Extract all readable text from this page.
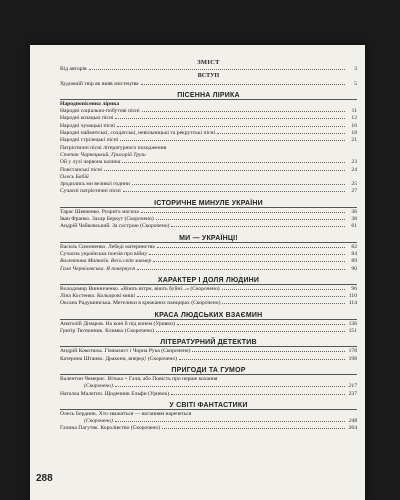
ЗМІСТ
Від авторів	3
ВСТУП
Художній твір як вияв мистецтва	5
ПІСЕННА ЛІРИКА
Народнопісенна лірика
Народні соціально-побутові пісні	11
Народні козацькі пісні	12
Народні чумацькі пісні	16
Народні наймитські, солдатські, невільницькі та рекрутські пісні	18
Народні стрілецькі пісні	21
Патріотичні пісні літературного походження
Степан Чарнецький, Григорій Труш
Ой у лузі червона калина	23
Повстанські пісні	24
Олесь Бабій
Зродились ми великої години	25
Сучасні патріотичні пісні	27
ІСТОРИЧНЕ МИНУЛЕ УКРАЇНИ
Тарас Шевченко. Розрита могила	36
Іван Франко. Захар Беркут (Скорочено)	38
Андрій Чайковський. За сестрою (Скорочено)	61
МИ — УКРАЇНЦІ!
Василь Симоненко. Лебеді материнства	82
Сучасна українська поезія про війну	84
Валентина Матвєїв. Весь світ завмер	89
Галя Чернілевська. Я повернуся	90
ХАРАКТЕР І ДОЛЯ ЛЮДИНИ
Володимир Винниченко. «Віють вітри, віють буйні...» (Скорочено)	96
Ліна Костенко. Кольорові миші	110
Оксана Радушинська. Метелики в крижаних панцирах (Скорочено)	114
КРАСА ЛЮДСЬКИХ ВЗАЄМИН
Анатолій Дімаров. На коні й під конем (Уривки)	136
Григір Тютюнник. Климко (Скорочено)	151
ЛІТЕРАТУРНИЙ ДЕТЕКТИВ
Андрій Кокотюха. Гімназист і Чорна Рука (Скорочено)	178
Катерина Штанко. Дракони, вперед! (Скорочено)	198
ПРИГОДИ ТА ГУМОР
Валентин Чемерис. Вітька + Галя, або Повість про перше кохання
(Скорочено)	217
Наталка Малетич. Щоденник Ельфи (Уривок)	237
У СВІТІ ФАНТАСТИКИ
Олесь Бердник. Хто зважиться — воганням наречеться
(Скорочено)	248
Галина Пагутяк. Королівство (Скорочено)	264
288
